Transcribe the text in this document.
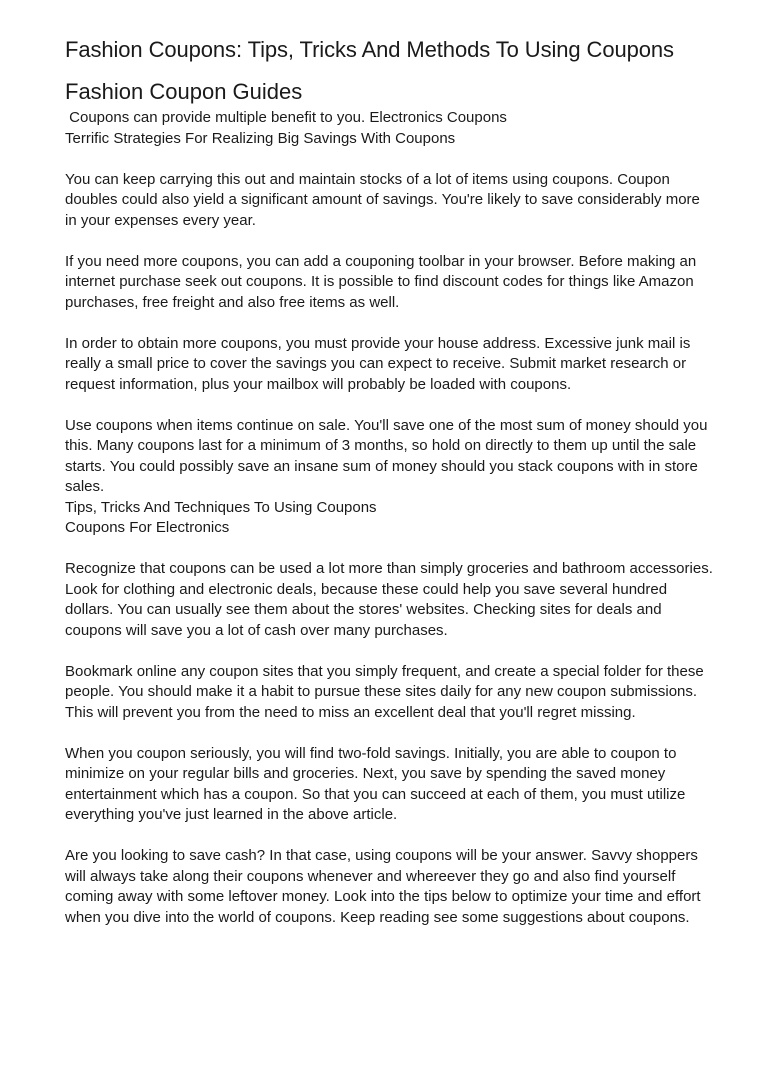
Fashion Coupons: Tips, Tricks And Methods To Using Coupons
Fashion Coupon Guides

Coupons can provide multiple benefit to you. Electronics Coupons

Terrific Strategies For Realizing Big Savings With Coupons

You can keep carrying this out and maintain stocks of a lot of items using coupons. Coupon doubles could also yield a significant amount of savings. You're likely to save considerably more in your expenses every year.

If you need more coupons, you can add a couponing toolbar in your browser. Before making an internet purchase seek out coupons. It is possible to find discount codes for things like Amazon purchases, free freight and also free items as well.

In order to obtain more coupons, you must provide your house address. Excessive junk mail is really a small price to cover the savings you can expect to receive. Submit market research or request information, plus your mailbox will probably be loaded with coupons.

Use coupons when items continue on sale. You'll save one of the most sum of money should you this. Many coupons last for a minimum of 3 months, so hold on directly to them up until the sale starts. You could possibly save an insane sum of money should you stack coupons with in store sales.

Tips, Tricks And Techniques To Using Coupons

Coupons For Electronics

Recognize that coupons can be used a lot more than simply groceries and bathroom accessories. Look for clothing and electronic deals, because these could help you save several hundred dollars. You can usually see them about the stores' websites. Checking sites for deals and coupons will save you a lot of cash over many purchases.

Bookmark online any coupon sites that you simply frequent, and create a special folder for these people. You should make it a habit to pursue these sites daily for any new coupon submissions. This will prevent you from the need to miss an excellent deal that you'll regret missing.

When you coupon seriously, you will find two-fold savings. Initially, you are able to coupon to minimize on your regular bills and groceries. Next, you save by spending the saved money entertainment which has a coupon. So that you can succeed at each of them, you must utilize everything you've just learned in the above article.

Are you looking to save cash? In that case, using coupons will be your answer. Savvy shoppers will always take along their coupons whenever and whereever they go and also find yourself coming away with some leftover money. Look into the tips below to optimize your time and effort when you dive into the world of coupons. Keep reading see some suggestions about coupons.
